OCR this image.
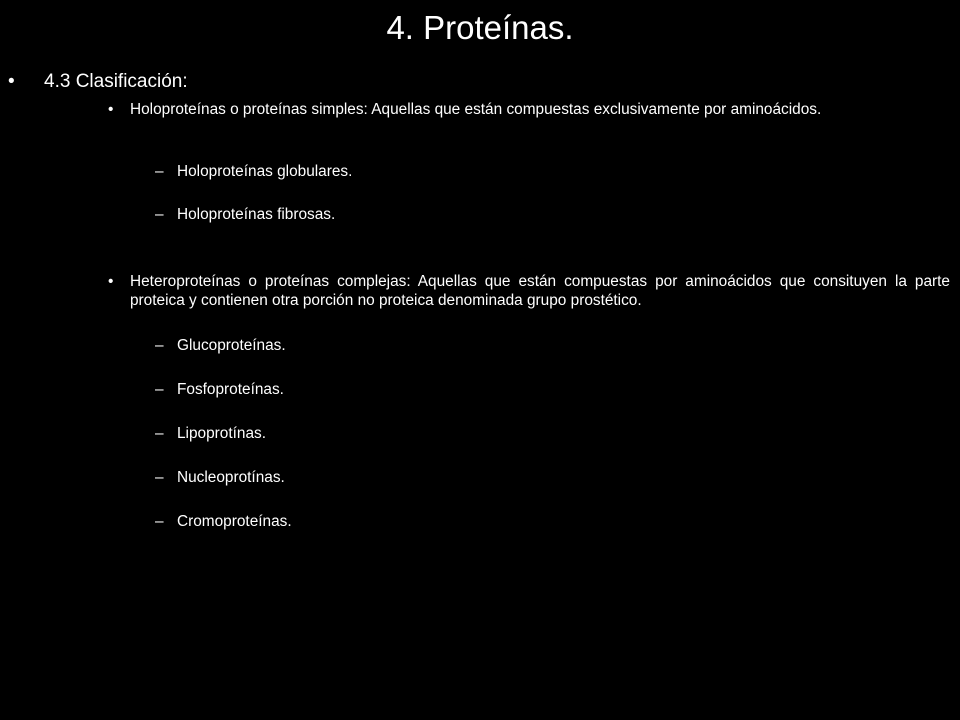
4. Proteínas.
• 4.3 Clasificación:
• Holoproteínas o proteínas simples: Aquellas que están compuestas exclusivamente por aminoácidos.
– Holoproteínas globulares.
– Holoproteínas fibrosas.
• Heteroproteínas o proteínas complejas: Aquellas que están compuestas por aminoácidos que consituyen la parte proteica y contienen otra porción no proteica denominada grupo prostético.
– Glucoproteínas.
– Fosfoproteínas.
– Lipoprotínas.
– Nucleoprotínas.
– Cromoproteínas.
